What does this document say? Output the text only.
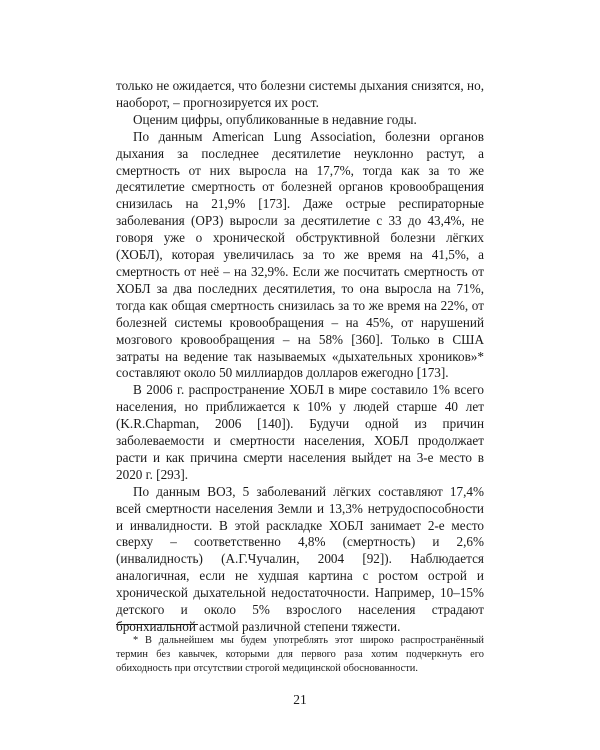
только не ожидается, что болезни системы дыхания снизятся, но, наоборот, – прогнозируется их рост.

Оценим цифры, опубликованные в недавние годы.

По данным American Lung Association, болезни органов дыхания за последнее десятилетие неуклонно растут, а смертность от них выросла на 17,7%, тогда как за то же десятилетие смертность от болезней органов кровообращения снизилась на 21,9% [173]. Даже острые респираторные заболевания (ОРЗ) выросли за десятилетие с 33 до 43,4%, не говоря уже о хронической обструктивной болезни лёгких (ХОБЛ), которая увеличилась за то же время на 41,5%, а смертность от неё – на 32,9%. Если же посчитать смертность от ХОБЛ за два последних десятилетия, то она выросла на 71%, тогда как общая смертность снизилась за то же время на 22%, от болезней системы кровообращения – на 45%, от нарушений мозгового кровообращения – на 58% [360]. Только в США затраты на ведение так называемых «дыхательных хроников»* составляют около 50 миллиардов долларов ежегодно [173].

В 2006 г. распространение ХОБЛ в мире составило 1% всего населения, но приближается к 10% у людей старше 40 лет (K.R.Chapman, 2006 [140]). Будучи одной из причин заболеваемости и смертности населения, ХОБЛ продолжает расти и как причина смерти населения выйдет на 3-е место в 2020 г. [293].

По данным ВОЗ, 5 заболеваний лёгких составляют 17,4% всей смертности населения Земли и 13,3% нетрудоспособности и инвалидности. В этой раскладке ХОБЛ занимает 2-е место сверху – соответственно 4,8% (смертность) и 2,6% (инвалидность) (А.Г.Чучалин, 2004 [92]). Наблюдается аналогичная, если не худшая картина с ростом острой и хронической дыхательной недостаточности. Например, 10–15% детского и около 5% взрослого населения страдают бронхиальной астмой различной степени тяжести.

* В дальнейшем мы будем употреблять этот широко распространённый термин без кавычек, которыми для первого раза хотим подчеркнуть его обиходность при отсутствии строгой медицинской обоснованности.

21
